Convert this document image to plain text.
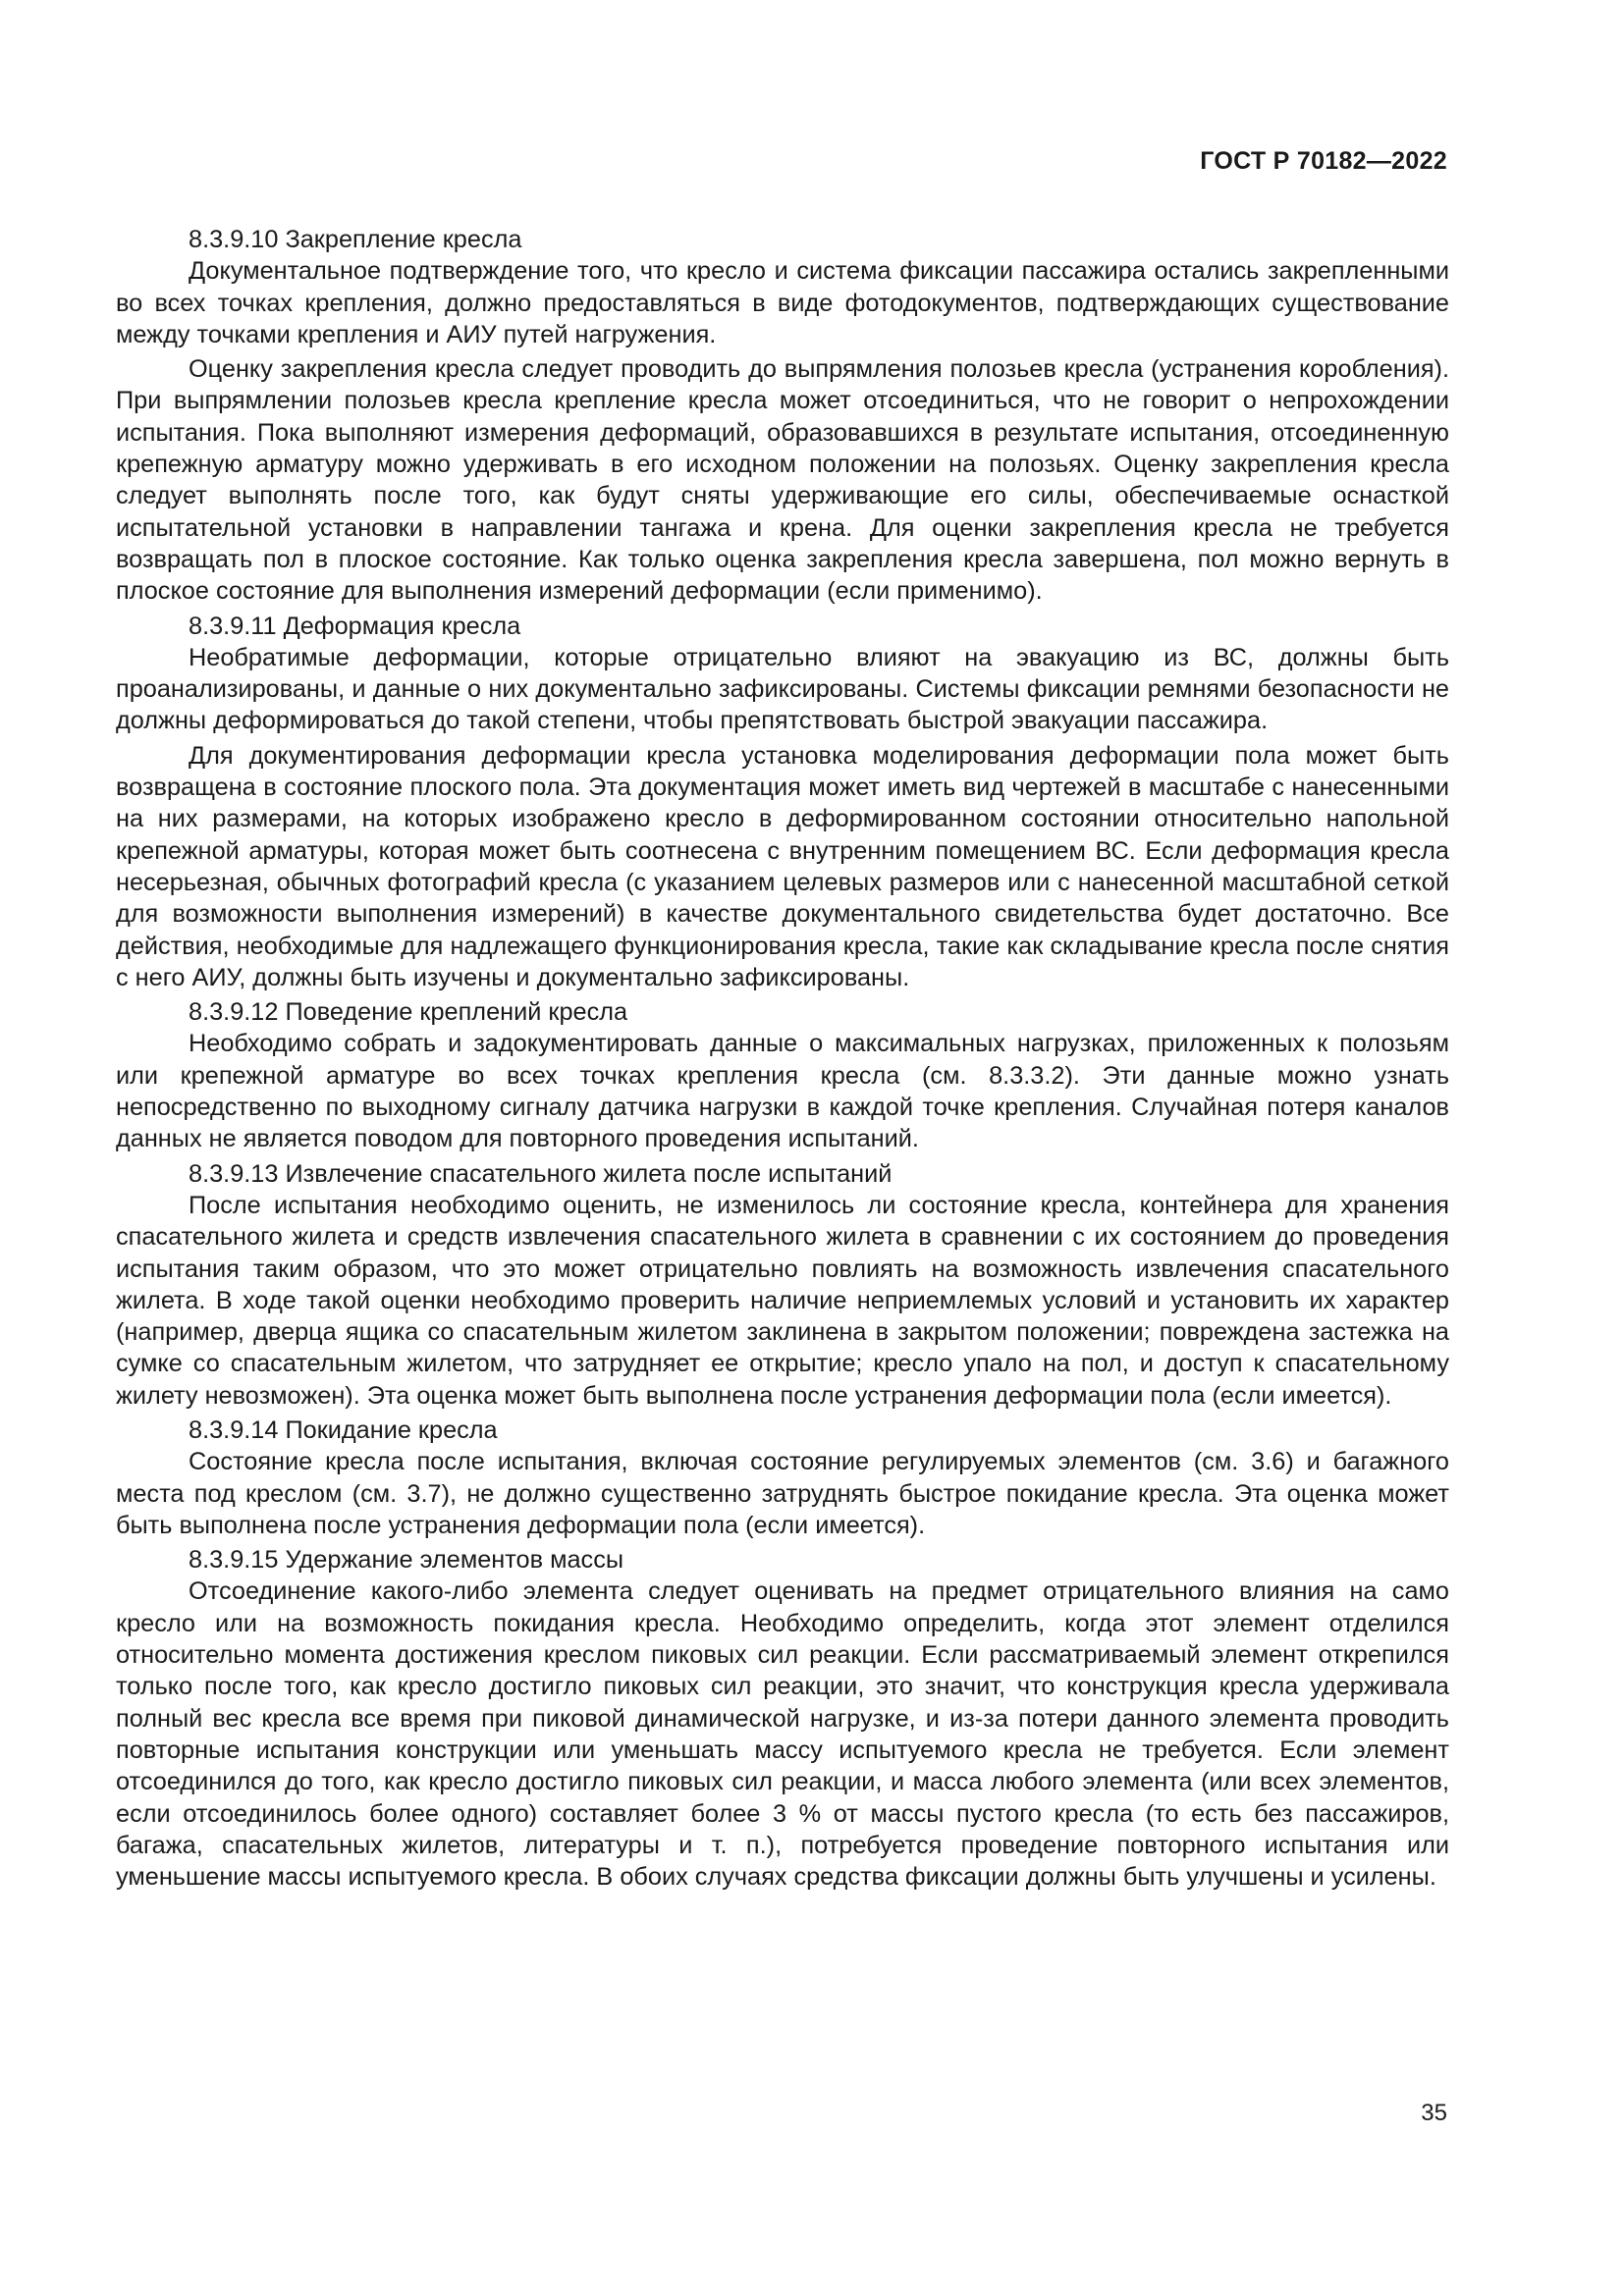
ГОСТ Р 70182—2022

8.3.9.10 Закрепление кресла

Документальное подтверждение того, что кресло и система фиксации пассажира остались закрепленными во всех точках крепления, должно предоставляться в виде фотодокументов, подтверждающих существование между точками крепления и АИУ путей нагружения.

Оценку закрепления кресла следует проводить до выпрямления полозьев кресла (устранения коробления). При выпрямлении полозьев кресла крепление кресла может отсоединиться, что не говорит о непрохождении испытания. Пока выполняют измерения деформаций, образовавшихся в результате испытания, отсоединенную крепежную арматуру можно удерживать в его исходном положении на полозьях. Оценку закрепления кресла следует выполнять после того, как будут сняты удерживающие его силы, обеспечиваемые оснасткой испытательной установки в направлении тангажа и крена. Для оценки закрепления кресла не требуется возвращать пол в плоское состояние. Как только оценка закрепления кресла завершена, пол можно вернуть в плоское состояние для выполнения измерений деформации (если применимо).

8.3.9.11 Деформация кресла

Необратимые деформации, которые отрицательно влияют на эвакуацию из ВС, должны быть проанализированы, и данные о них документально зафиксированы. Системы фиксации ремнями безопасности не должны деформироваться до такой степени, чтобы препятствовать быстрой эвакуации пассажира.

Для документирования деформации кресла установка моделирования деформации пола может быть возвращена в состояние плоского пола. Эта документация может иметь вид чертежей в масштабе с нанесенными на них размерами, на которых изображено кресло в деформированном состоянии относительно напольной крепежной арматуры, которая может быть соотнесена с внутренним помещением ВС. Если деформация кресла несерьезная, обычных фотографий кресла (с указанием целевых размеров или с нанесенной масштабной сеткой для возможности выполнения измерений) в качестве документального свидетельства будет достаточно. Все действия, необходимые для надлежащего функционирования кресла, такие как складывание кресла после снятия с него АИУ, должны быть изучены и документально зафиксированы.

8.3.9.12 Поведение креплений кресла

Необходимо собрать и задокументировать данные о максимальных нагрузках, приложенных к полозьям или крепежной арматуре во всех точках крепления кресла (см. 8.3.3.2). Эти данные можно узнать непосредственно по выходному сигналу датчика нагрузки в каждой точке крепления. Случайная потеря каналов данных не является поводом для повторного проведения испытаний.

8.3.9.13 Извлечение спасательного жилета после испытаний

После испытания необходимо оценить, не изменилось ли состояние кресла, контейнера для хранения спасательного жилета и средств извлечения спасательного жилета в сравнении с их состоянием до проведения испытания таким образом, что это может отрицательно повлиять на возможность извлечения спасательного жилета. В ходе такой оценки необходимо проверить наличие неприемлемых условий и установить их характер (например, дверца ящика со спасательным жилетом заклинена в закрытом положении; повреждена застежка на сумке со спасательным жилетом, что затрудняет ее открытие; кресло упало на пол, и доступ к спасательному жилету невозможен). Эта оценка может быть выполнена после устранения деформации пола (если имеется).

8.3.9.14 Покидание кресла

Состояние кресла после испытания, включая состояние регулируемых элементов (см. 3.6) и багажного места под креслом (см. 3.7), не должно существенно затруднять быстрое покидание кресла. Эта оценка может быть выполнена после устранения деформации пола (если имеется).

8.3.9.15 Удержание элементов массы

Отсоединение какого-либо элемента следует оценивать на предмет отрицательного влияния на само кресло или на возможность покидания кресла. Необходимо определить, когда этот элемент отделился относительно момента достижения креслом пиковых сил реакции. Если рассматриваемый элемент открепился только после того, как кресло достигло пиковых сил реакции, это значит, что конструкция кресла удерживала полный вес кресла все время при пиковой динамической нагрузке, и из-за потери данного элемента проводить повторные испытания конструкции или уменьшать массу испытуемого кресла не требуется. Если элемент отсоединился до того, как кресло достигло пиковых сил реакции, и масса любого элемента (или всех элементов, если отсоединилось более одного) составляет более 3 % от массы пустого кресла (то есть без пассажиров, багажа, спасательных жилетов, литературы и т. п.), потребуется проведение повторного испытания или уменьшение массы испытуемого кресла. В обоих случаях средства фиксации должны быть улучшены и усилены.

35
